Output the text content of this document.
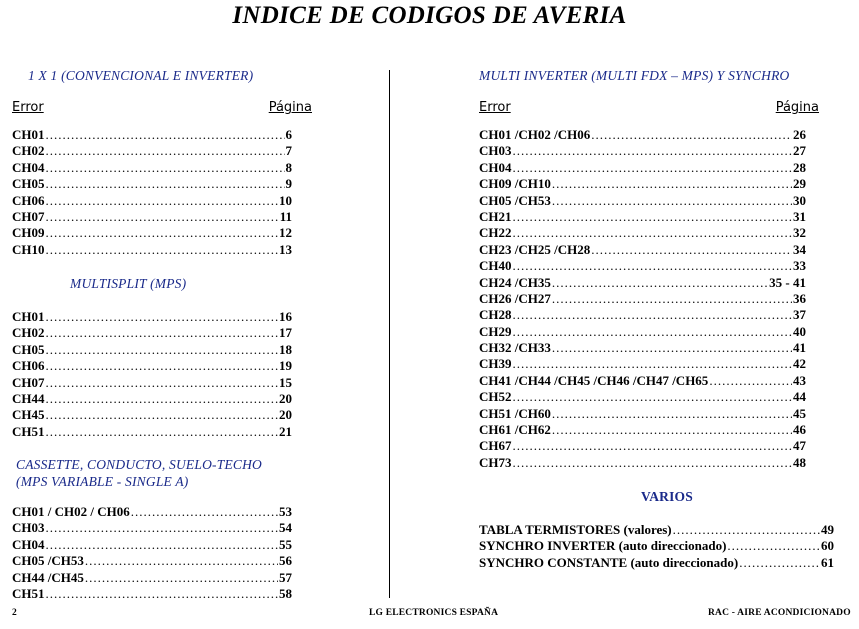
INDICE DE CODIGOS DE AVERIA
1 X 1 (CONVENCIONAL E INVERTER)
Error	Página
CH01 .....	6
CH02 .....	7
CH04 .....	8
CH05 .....	9
CH06 .....	10
CH07 .....	11
CH09 .....	12
CH10 .....	13
MULTISPLIT (MPS)
CH01 .....	16
CH02 .....	17
CH05 .....	18
CH06 .....	19
CH07 .....	15
CH44 .....	20
CH45 .....	20
CH51 .....	21
CASSETTE, CONDUCTO, SUELO-TECHO
(MPS VARIABLE - SINGLE A)
CH01 / CH02 / CH06 .....	53
CH03 .....	54
CH04 .....	55
CH05 /CH53 .....	56
CH44 /CH45 .....	57
CH51 .....	58
MULTI INVERTER (MULTI FDX – MPS) Y SYNCHRO
Error	Página
CH01 /CH02 /CH06 .....	26
CH03 .....	27
CH04 .....	28
CH09 /CH10 .....	29
CH05 /CH53 .....	30
CH21 .....	31
CH22 .....	32
CH23 /CH25 /CH28 .....	34
CH40 .....	33
CH24 /CH35 .....	35 - 41
CH26 /CH27 .....	36
CH28 .....	37
CH29 .....	40
CH32 /CH33 .....	41
CH39 .....	42
CH41 /CH44 /CH45 /CH46 /CH47 /CH65 .....	43
CH52 .....	44
CH51 /CH60 .....	45
CH61 /CH62 .....	46
CH67 .....	47
CH73 .....	48
VARIOS
TABLA TERMISTORES (valores) .....	49
SYNCHRO INVERTER (auto direccionado) .....	60
SYNCHRO CONSTANTE (auto direccionado) .....	61
2	LG ELECTRONICS ESPAÑA	RAC - AIRE ACONDICIONADO
